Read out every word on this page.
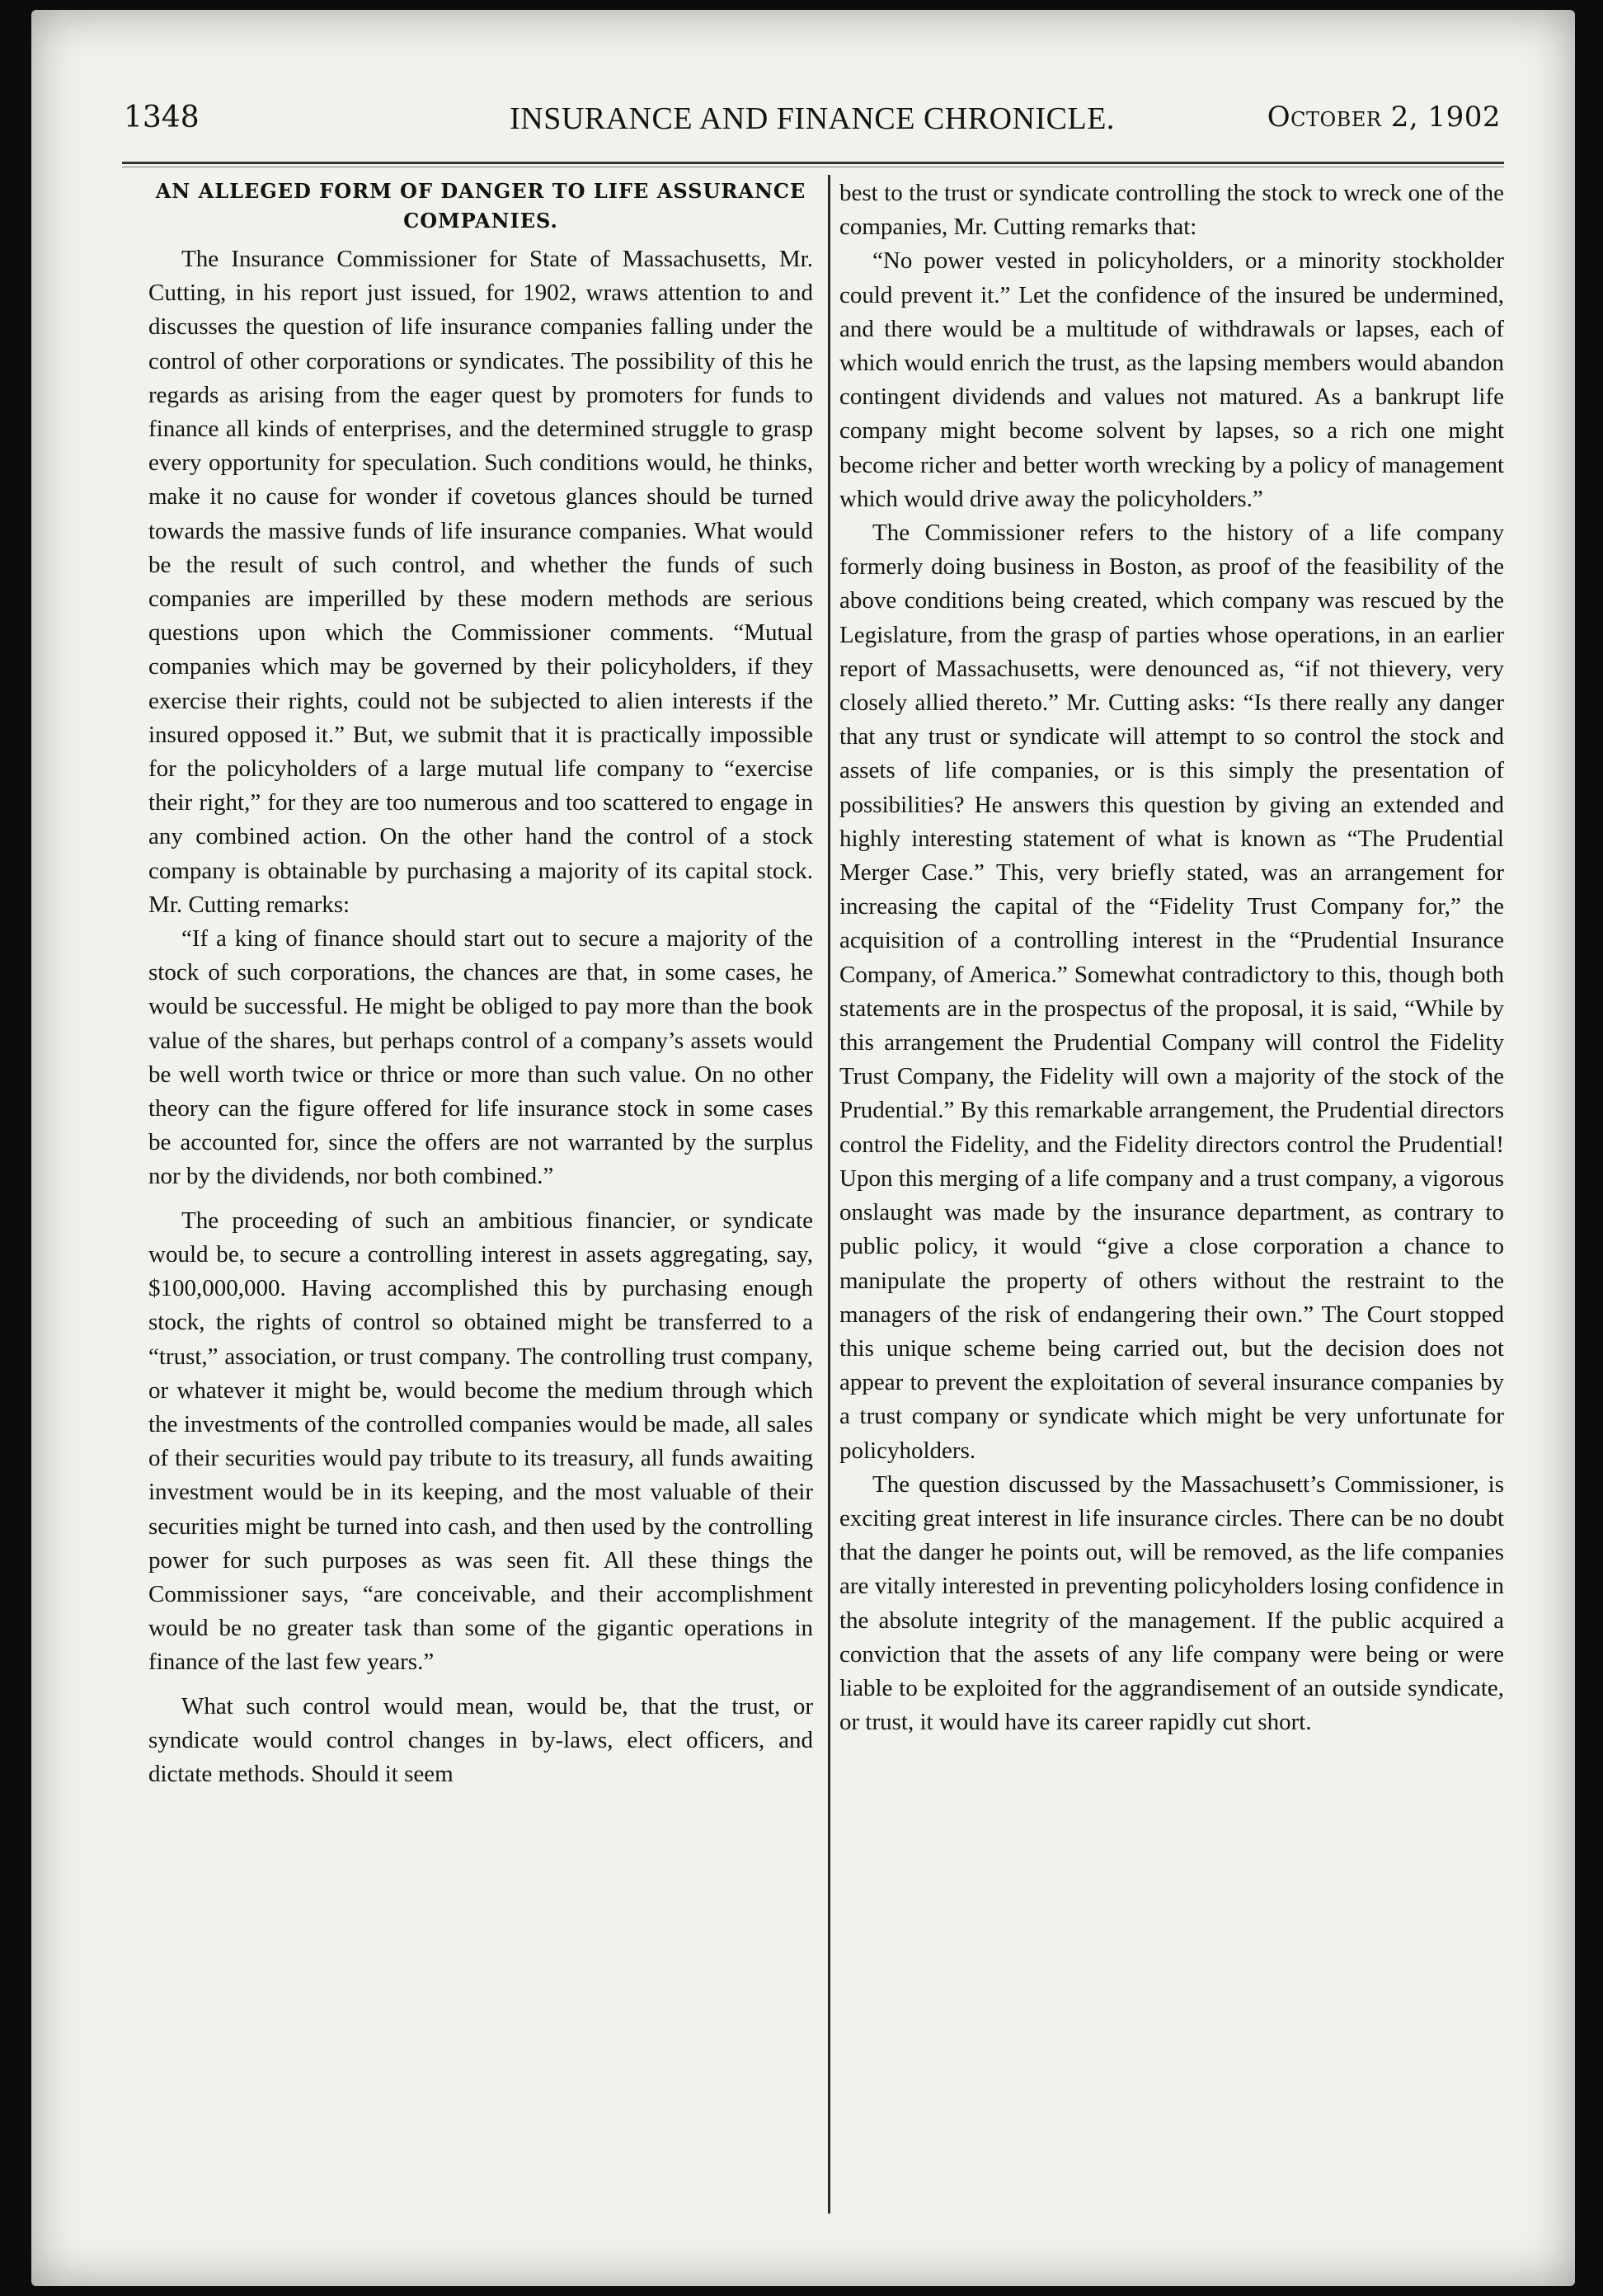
1348	INSURANCE AND FINANCE CHRONICLE.	October 2, 1902
AN ALLEGED FORM OF DANGER TO LIFE ASSURANCE COMPANIES.

The Insurance Commissioner for State of Massachusetts, Mr. Cutting, in his report just issued, for 1902, wraws attention to and discusses the question of life insurance companies falling under the control of other corporations or syndicates. The possibility of this he regards as arising from the eager quest by promoters for funds to finance all kinds of enterprises, and the determined struggle to grasp every opportunity for speculation. Such conditions would, he thinks, make it no cause for wonder if covetous glances should be turned towards the massive funds of life insurance companies. What would be the result of such control, and whether the funds of such companies are imperilled by these modern methods are serious questions upon which the Commissioner comments. “Mutual companies which may be governed by their policyholders, if they exercise their rights, could not be subjected to alien interests if the insured opposed it.” But, we submit that it is practically impossible for the policyholders of a large mutual life company to “exercise their right,” for they are too numerous and too scattered to engage in any combined action. On the other hand the control of a stock company is obtainable by purchasing a majority of its capital stock. Mr. Cutting remarks:

“If a king of finance should start out to secure a majority of the stock of such corporations, the chances are that, in some cases, he would be successful. He might be obliged to pay more than the book value of the shares, but perhaps control of a company’s assets would be well worth twice or thrice or more than such value. On no other theory can the figure offered for life insurance stock in some cases be accounted for, since the offers are not warranted by the surplus nor by the dividends, nor both combined.”

The proceeding of such an ambitious financier, or syndicate would be, to secure a controlling interest in assets aggregating, say, $100,000,000. Having accomplished this by purchasing enough stock, the rights of control so obtained might be transferred to a “trust,” association, or trust company. The controlling trust company, or whatever it might be, would become the medium through which the investments of the controlled companies would be made, all sales of their securities would pay tribute to its treasury, all funds awaiting investment would be in its keeping, and the most valuable of their securities might be turned into cash, and then used by the controlling power for such purposes as was seen fit. All these things the Commissioner says, “are conceivable, and their accomplishment would be no greater task than some of the gigantic operations in finance of the last few years.”

What such control would mean, would be, that the trust, or syndicate would control changes in by-laws, elect officers, and dictate methods. Should it seem

best to the trust or syndicate controlling the stock to wreck one of the companies, Mr. Cutting remarks that:

“No power vested in policyholders, or a minority stockholder could prevent it.” Let the confidence of the insured be undermined, and there would be a multitude of withdrawals or lapses, each of which would enrich the trust, as the lapsing members would abandon contingent dividends and values not matured. As a bankrupt life company might become solvent by lapses, so a rich one might become richer and better worth wrecking by a policy of management which would drive away the policyholders.”

The Commissioner refers to the history of a life company formerly doing business in Boston, as proof of the feasibility of the above conditions being created, which company was rescued by the Legislature, from the grasp of parties whose operations, in an earlier report of Massachusetts, were denounced as, “if not thievery, very closely allied thereto.” Mr. Cutting asks: “Is there really any danger that any trust or syndicate will attempt to so control the stock and assets of life companies, or is this simply the presentation of possibilities? He answers this question by giving an extended and highly interesting statement of what is known as “The Prudential Merger Case.” This, very briefly stated, was an arrangement for increasing the capital of the “Fidelity Trust Company for,” the acquisition of a controlling interest in the “Prudential Insurance Company, of America.” Somewhat contradictory to this, though both statements are in the prospectus of the proposal, it is said, “While by this arrangement the Prudential Company will control the Fidelity Trust Company, the Fidelity will own a majority of the stock of the Prudential.” By this remarkable arrangement, the Prudential directors control the Fidelity, and the Fidelity directors control the Prudential! Upon this merging of a life company and a trust company, a vigorous onslaught was made by the insurance department, as contrary to public policy, it would “give a close corporation a chance to manipulate the property of others without the restraint to the managers of the risk of endangering their own.” The Court stopped this unique scheme being carried out, but the decision does not appear to prevent the exploitation of several insurance companies by a trust company or syndicate which might be very unfortunate for policyholders.

The question discussed by the Massachusett’s Commissioner, is exciting great interest in life insurance circles. There can be no doubt that the danger he points out, will be removed, as the life companies are vitally interested in preventing policyholders losing confidence in the absolute integrity of the management. If the public acquired a conviction that the assets of any life company were being or were liable to be exploited for the aggrandisement of an outside syndicate, or trust, it would have its career rapidly cut short.
